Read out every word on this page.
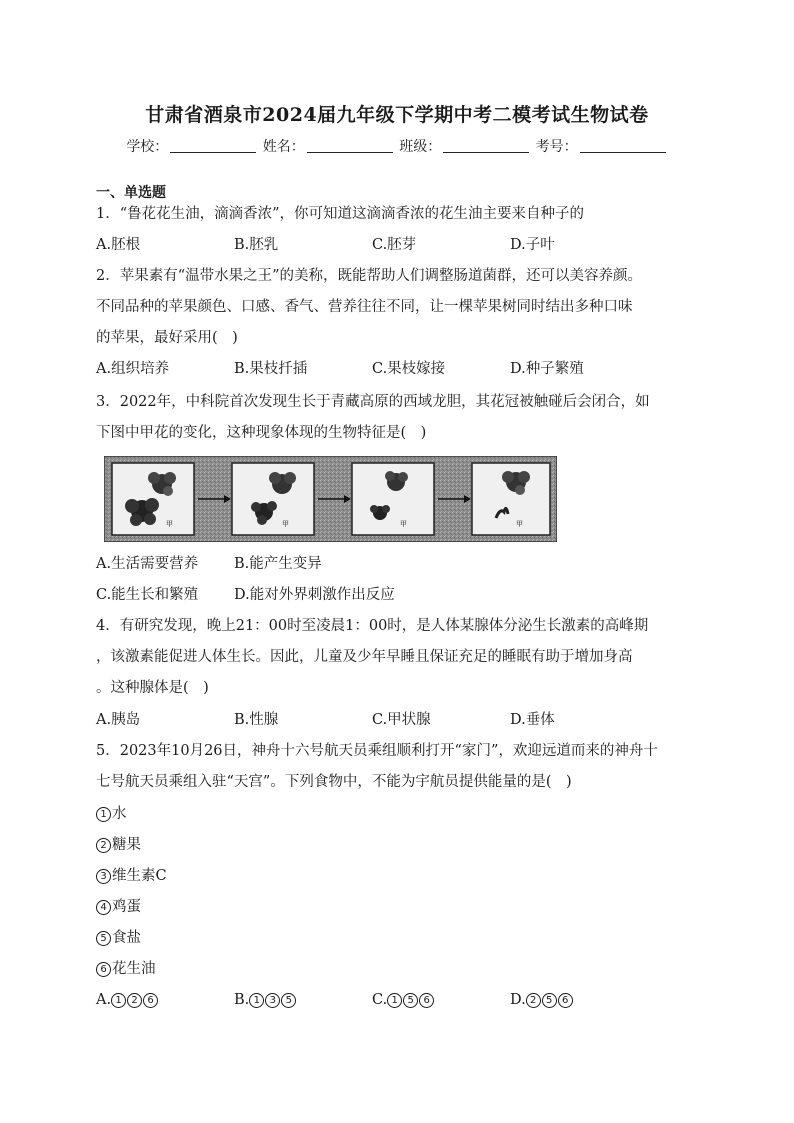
甘肃省酒泉市2024届九年级下学期中考二模考试生物试卷
学校：	姓名：	班级：	考号：
一、单选题
1．“鲁花花生油，滴滴香浓”，你可知道这滴滴香浓的花生油主要来自种子的
A.胚根	B.胚乳	C.胚芽	D.子叶
2．苹果素有“温带水果之王”的美称，既能帮助人们调整肠道菌群，还可以美容养颜。
不同品种的苹果颜色、口感、香气、营养往往不同，让一棵苹果树同时结出多种口味
的苹果，最好采用(　)
A.组织培养	B.果枝扦插	C.果枝嫁接	D.种子繁殖
3．2022年，中科院首次发现生长于青藏高原的西域龙胆，其花冠被触碰后会闭合，如
下图中甲花的变化，这种现象体现的生物特征是(　)
甲	甲	甲	甲
A.生活需要营养 B.能产生变异
C.能生长和繁殖 D.能对外界刺激作出反应
4．有研究发现，晚上21：00时至凌晨1：00时，是人体某腺体分泌生长激素的高峰期
，该激素能促进人体生长。因此，儿童及少年早睡且保证充足的睡眠有助于增加身高
。这种腺体是(　)
A.胰岛	B.性腺	C.甲状腺	D.垂体
5．2023年10月26日，神舟十六号航天员乘组顺利打开“家门”，欢迎远道而来的神舟十
七号航天员乘组入驻“天宫”。下列食物中，不能为宇航员提供能量的是(　)
1 水
2 糖果
3 维生素C
4 鸡蛋
5 食盐
6 花生油
A. 1 2 6	B. 1 3 5	C. 1 5 6	D. 2 5 6
